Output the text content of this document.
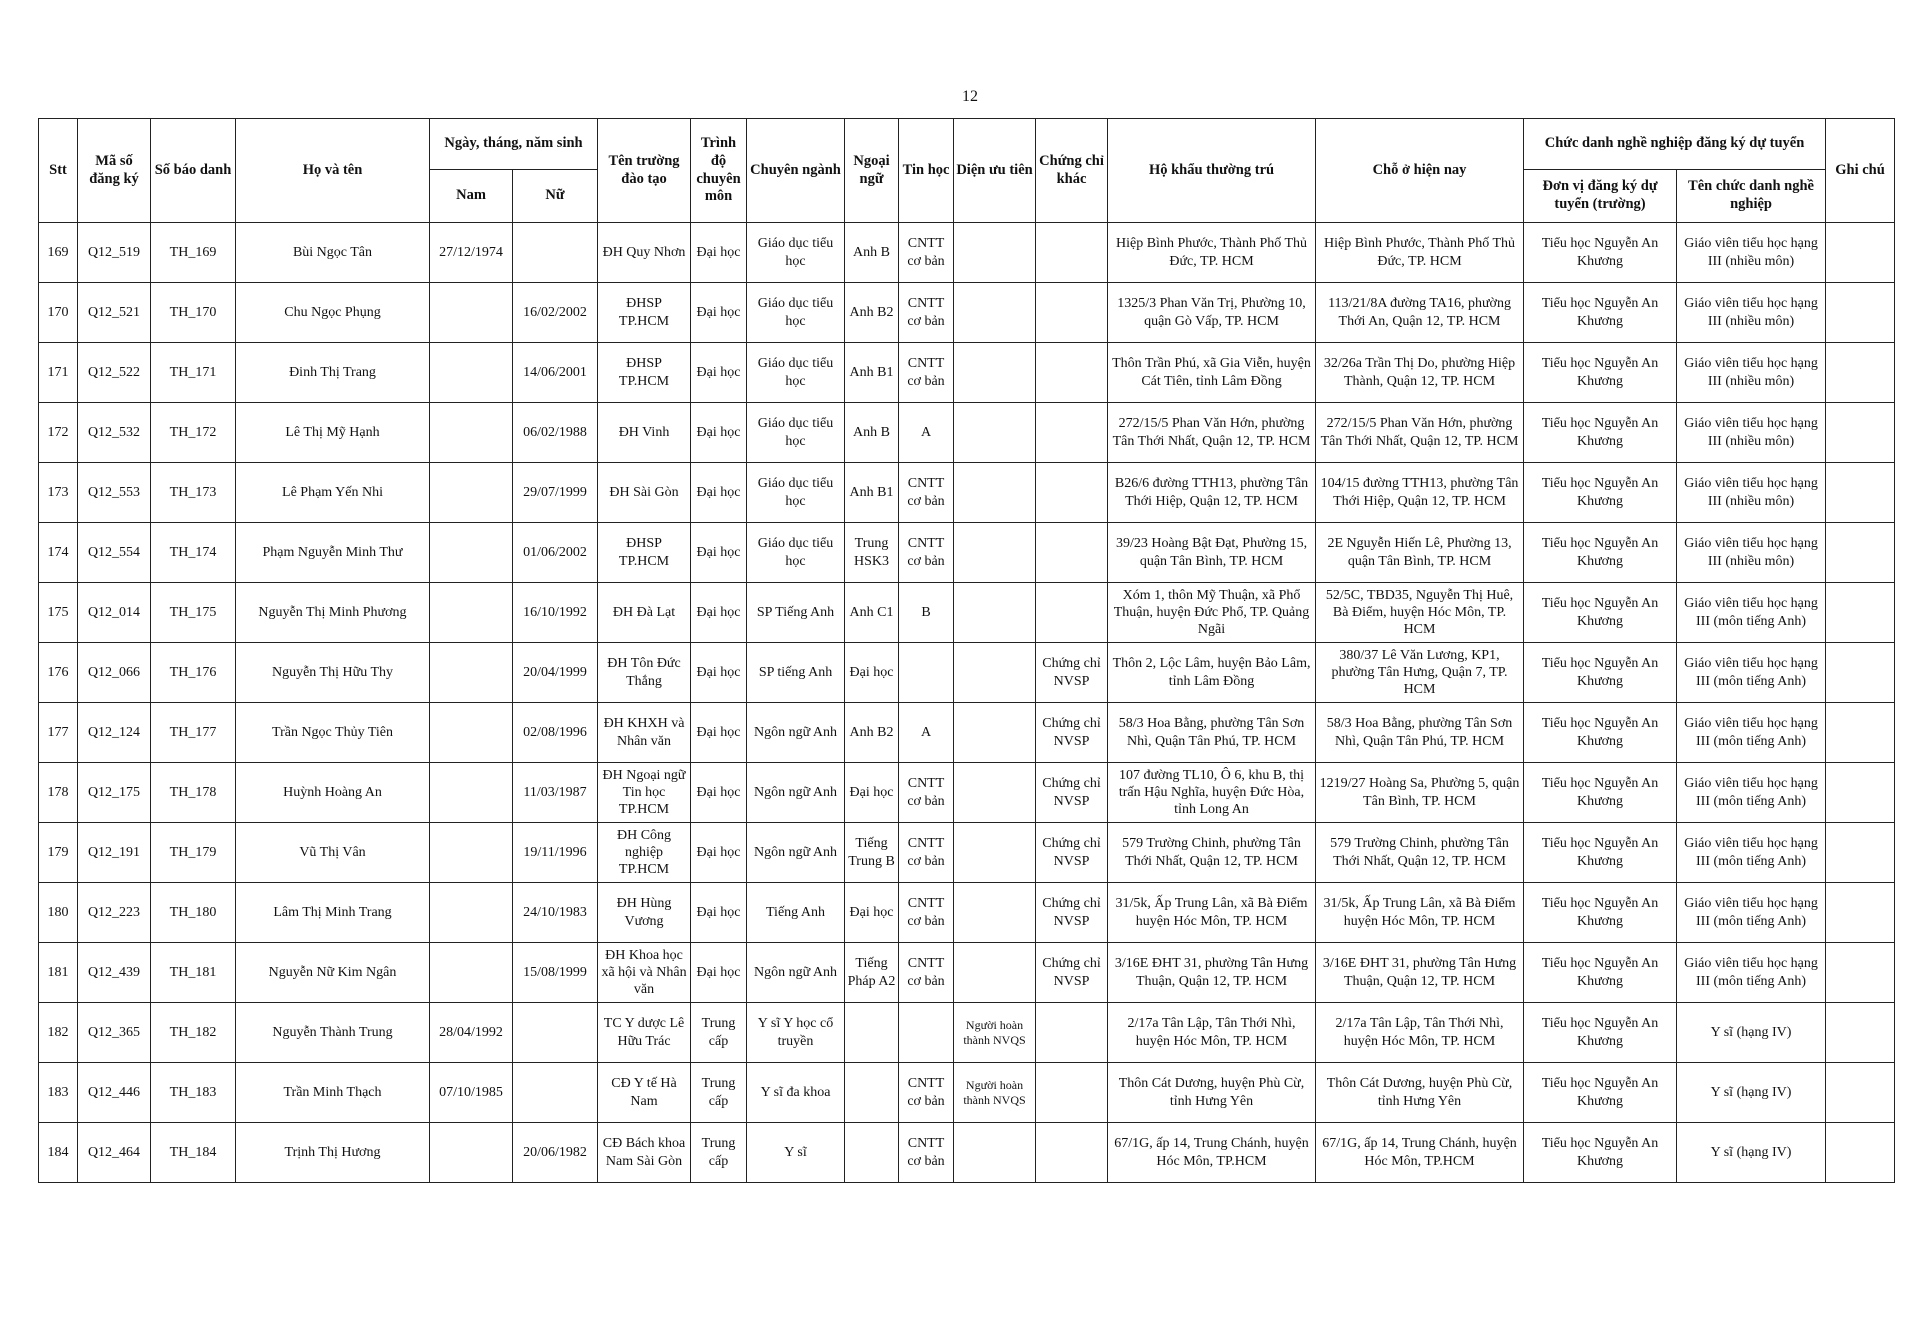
12
Stt	Mã số đăng ký	Số báo danh	Họ và tên	Ngày, tháng, năm sinh		Tên trường đào tạo	Trình độ chuyên môn	Chuyên ngành	Ngoại ngữ	Tin học	Diện ưu tiên	Chứng chỉ khác	Hộ khẩu thường trú	Chỗ ở hiện nay	Chức danh nghề nghiệp đăng ký dự tuyển		Ghi chú
				Nam	Nữ										Đơn vị đăng ký dự tuyển (trường)	Tên chức danh nghề nghiệp	
169	Q12_519	TH_169	Bùi Ngọc Tân	27/12/1974		ĐH Quy Nhơn	Đại học	Giáo dục tiểu học	Anh B	CNTT cơ bản			Hiệp Bình Phước, Thành Phố Thủ Đức, TP. HCM	Hiệp Bình Phước, Thành Phố Thủ Đức, TP. HCM	Tiểu học Nguyễn An Khương	Giáo viên tiểu học hạng III (nhiều môn)	
170	Q12_521	TH_170	Chu Ngọc Phụng		16/02/2002	ĐHSP TP.HCM	Đại học	Giáo dục tiểu học	Anh B2	CNTT cơ bản			1325/3 Phan Văn Trị, Phường 10, quận Gò Vấp, TP. HCM	113/21/8A đường TA16, phường Thới An, Quận 12, TP. HCM	Tiểu học Nguyễn An Khương	Giáo viên tiểu học hạng III (nhiều môn)	
171	Q12_522	TH_171	Đinh Thị Trang		14/06/2001	ĐHSP TP.HCM	Đại học	Giáo dục tiểu học	Anh B1	CNTT cơ bản			Thôn Trần Phú, xã Gia Viễn, huyện Cát Tiên, tỉnh Lâm Đồng	32/26a Trần Thị Do, phường Hiệp Thành, Quận 12, TP. HCM	Tiểu học Nguyễn An Khương	Giáo viên tiểu học hạng III (nhiều môn)	
172	Q12_532	TH_172	Lê Thị Mỹ Hạnh		06/02/1988	ĐH Vinh	Đại học	Giáo dục tiểu học	Anh B	A			272/15/5 Phan Văn Hớn, phường Tân Thới Nhất, Quận 12, TP. HCM	272/15/5 Phan Văn Hớn, phường Tân Thới Nhất, Quận 12, TP. HCM	Tiểu học Nguyễn An Khương	Giáo viên tiểu học hạng III (nhiều môn)	
173	Q12_553	TH_173	Lê Phạm Yến Nhi		29/07/1999	ĐH Sài Gòn	Đại học	Giáo dục tiểu học	Anh B1	CNTT cơ bản			B26/6 đường TTH13, phường Tân Thới Hiệp, Quận 12, TP. HCM	104/15 đường TTH13, phường Tân Thới Hiệp, Quận 12, TP. HCM	Tiểu học Nguyễn An Khương	Giáo viên tiểu học hạng III (nhiều môn)	
174	Q12_554	TH_174	Phạm Nguyễn Minh Thư		01/06/2002	ĐHSP TP.HCM	Đại học	Giáo dục tiểu học	Trung HSK3	CNTT cơ bản			39/23 Hoàng Bật Đạt, Phường 15, quận Tân Bình, TP. HCM	2E Nguyễn Hiến Lê, Phường 13, quận Tân Bình, TP. HCM	Tiểu học Nguyễn An Khương	Giáo viên tiểu học hạng III (nhiều môn)	
175	Q12_014	TH_175	Nguyễn Thị Minh Phương		16/10/1992	ĐH Đà Lạt	Đại học	SP Tiếng Anh	Anh C1	B			Xóm 1, thôn Mỹ Thuận, xã Phổ Thuận, huyện Đức Phổ, TP. Quảng Ngãi	52/5C, TBD35, Nguyễn Thị Huê, Bà Điểm, huyện Hóc Môn, TP. HCM	Tiểu học Nguyễn An Khương	Giáo viên tiểu học hạng III (môn tiếng Anh)	
176	Q12_066	TH_176	Nguyễn Thị Hữu Thy		20/04/1999	ĐH Tôn Đức Thắng	Đại học	SP tiếng Anh	Đại học			Chứng chỉ NVSP	Thôn 2, Lộc Lâm, huyện Bảo Lâm, tỉnh Lâm Đồng	380/37 Lê Văn Lương, KP1, phường Tân Hưng, Quận 7, TP. HCM	Tiểu học Nguyễn An Khương	Giáo viên tiểu học hạng III (môn tiếng Anh)	
177	Q12_124	TH_177	Trần Ngọc Thủy Tiên		02/08/1996	ĐH KHXH và Nhân văn	Đại học	Ngôn ngữ Anh	Anh B2	A		Chứng chỉ NVSP	58/3 Hoa Bằng, phường Tân Sơn Nhì, Quận Tân Phú, TP. HCM	58/3 Hoa Bằng, phường Tân Sơn Nhì, Quận Tân Phú, TP. HCM	Tiểu học Nguyễn An Khương	Giáo viên tiểu học hạng III (môn tiếng Anh)	
178	Q12_175	TH_178	Huỳnh Hoàng An		11/03/1987	ĐH Ngoại ngữ Tin học TP.HCM	Đại học	Ngôn ngữ Anh	Đại học	CNTT cơ bản		Chứng chỉ NVSP	107 đường TL10, Ô 6, khu B, thị trấn Hậu Nghĩa, huyện Đức Hòa, tỉnh Long An	1219/27 Hoàng Sa, Phường 5, quận Tân Bình, TP. HCM	Tiểu học Nguyễn An Khương	Giáo viên tiểu học hạng III (môn tiếng Anh)	
179	Q12_191	TH_179	Vũ Thị Vân		19/11/1996	ĐH Công nghiệp TP.HCM	Đại học	Ngôn ngữ Anh	Tiếng Trung B	CNTT cơ bản		Chứng chỉ NVSP	579 Trường Chinh, phường Tân Thới Nhất, Quận 12, TP. HCM	579 Trường Chinh, phường Tân Thới Nhất, Quận 12, TP. HCM	Tiểu học Nguyễn An Khương	Giáo viên tiểu học hạng III (môn tiếng Anh)	
180	Q12_223	TH_180	Lâm Thị Minh Trang		24/10/1983	ĐH Hùng Vương	Đại học	Tiếng Anh	Đại học	CNTT cơ bản		Chứng chỉ NVSP	31/5k, Ấp Trung Lân, xã Bà Điểm huyện Hóc Môn, TP. HCM	31/5k, Ấp Trung Lân, xã Bà Điểm huyện Hóc Môn, TP. HCM	Tiểu học Nguyễn An Khương	Giáo viên tiểu học hạng III (môn tiếng Anh)	
181	Q12_439	TH_181	Nguyễn Nữ Kim Ngân		15/08/1999	ĐH Khoa học xã hội và Nhân văn	Đại học	Ngôn ngữ Anh	Tiếng Pháp A2	CNTT cơ bản		Chứng chỉ NVSP	3/16E ĐHT 31, phường Tân Hưng Thuận, Quận 12, TP. HCM	3/16E ĐHT 31, phường Tân Hưng Thuận, Quận 12, TP. HCM	Tiểu học Nguyễn An Khương	Giáo viên tiểu học hạng III (môn tiếng Anh)	
182	Q12_365	TH_182	Nguyễn Thành Trung	28/04/1992		TC Y dược Lê Hữu Trác	Trung cấp	Y sĩ Y học cổ truyền			Người hoàn thành NVQS		2/17a Tân Lập, Tân Thới Nhì, huyện Hóc Môn, TP. HCM	2/17a Tân Lập, Tân Thới Nhì, huyện Hóc Môn, TP. HCM	Tiểu học Nguyễn An Khương	Y sĩ (hạng IV)	
183	Q12_446	TH_183	Trần Minh Thạch	07/10/1985		CĐ Y tế Hà Nam	Trung cấp	Y sĩ đa khoa		CNTT cơ bản	Người hoàn thành NVQS		Thôn Cát Dương, huyện Phù Cừ, tỉnh Hưng Yên	Thôn Cát Dương, huyện Phù Cừ, tỉnh Hưng Yên	Tiểu học Nguyễn An Khương	Y sĩ (hạng IV)	
184	Q12_464	TH_184	Trịnh Thị Hương		20/06/1982	CĐ Bách khoa Nam Sài Gòn	Trung cấp	Y sĩ		CNTT cơ bản			67/1G, ấp 14, Trung Chánh, huyện Hóc Môn, TP.HCM	67/1G, ấp 14, Trung Chánh, huyện Hóc Môn, TP.HCM	Tiểu học Nguyễn An Khương	Y sĩ (hạng IV)	
